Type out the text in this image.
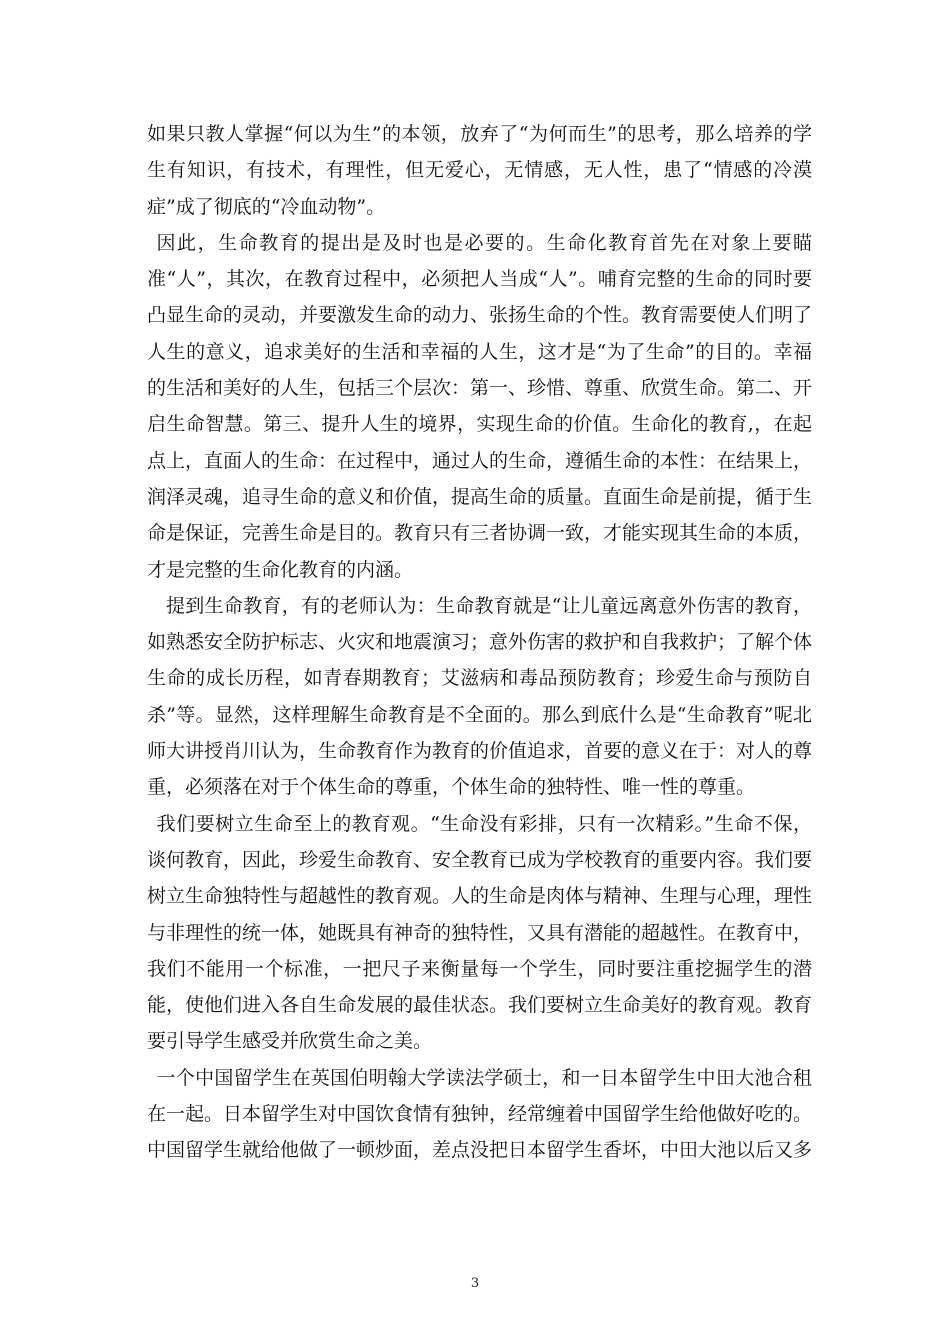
如果只教人掌握“何以为生”的本领，放弃了“为何而生”的思考，那么培养的学生有知识，有技术，有理性，但无爱心，无情感，无人性，患了“情感的冷漠症”成了彻底的“冷血动物”。

因此，生命教育的提出是及时也是必要的。生命化教育首先在对象上要瞄准“人”，其次，在教育过程中，必须把人当成“人”。哺育完整的生命的同时要凸显生命的灵动，并要激发生命的动力、张扬生命的个性。教育需要使人们明了人生的意义，追求美好的生活和幸福的人生，这才是“为了生命”的目的。幸福的生活和美好的人生，包括三个层次：第一、珍惜、尊重、欣赏生命。第二、开启生命智慧。第三、提升人生的境界，实现生命的价值。生命化的教育,，在起点上，直面人的生命：在过程中，通过人的生命，遵循生命的本性：在结果上，润泽灵魂，追寻生命的意义和价值，提高生命的质量。直面生命是前提，循于生命是保证，完善生命是目的。教育只有三者协调一致，才能实现其生命的本质，才是完整的生命化教育的内涵。

提到生命教育，有的老师认为：生命教育就是“让儿童远离意外伤害的教育，如熟悉安全防护标志、火灾和地震演习；意外伤害的救护和自我救护；了解个体生命的成长历程，如青春期教育；艾滋病和毒品预防教育；珍爱生命与预防自杀”等。显然，这样理解生命教育是不全面的。那么到底什么是“生命教育”呢北师大讲授肖川认为，生命教育作为教育的价值追求，首要的意义在于：对人的尊重，必须落在对于个体生命的尊重，个体生命的独特性、唯一性的尊重。

我们要树立生命至上的教育观。“生命没有彩排，只有一次精彩。”生命不保，谈何教育，因此，珍爱生命教育、安全教育已成为学校教育的重要内容。我们要树立生命独特性与超越性的教育观。人的生命是肉体与精神、生理与心理，理性与非理性的统一体，她既具有神奇的独特性，又具有潜能的超越性。在教育中，我们不能用一个标准，一把尺子来衡量每一个学生，同时要注重挖掘学生的潜能，使他们进入各自生命发展的最佳状态。我们要树立生命美好的教育观。教育要引导学生感受并欣赏生命之美。

一个中国留学生在英国伯明翰大学读法学硕士，和一日本留学生中田大池合租在一起。日本留学生对中国饮食情有独钟，经常缠着中国留学生给他做好吃的。中国留学生就给他做了一顿炒面，差点没把日本留学生香坏，中田大池以后又多

3
